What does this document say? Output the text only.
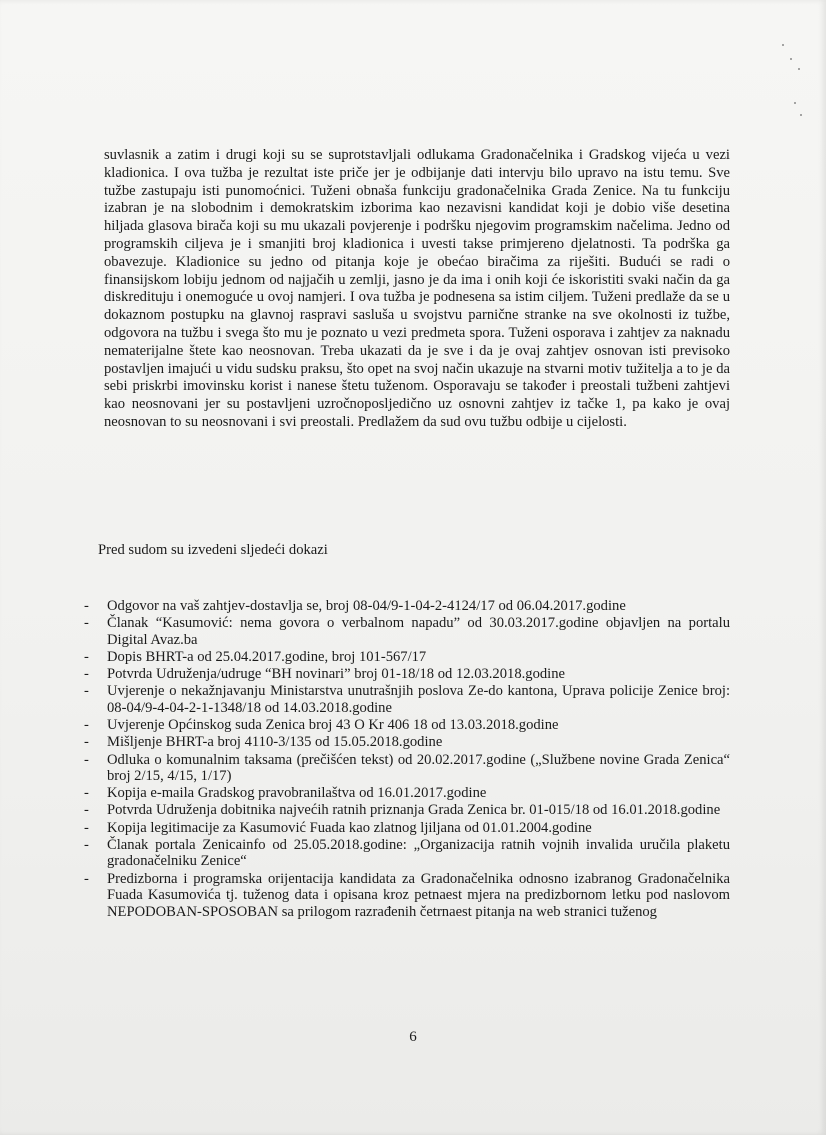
suvlasnik a zatim i drugi koji su se suprotstavljali odlukama Gradonačelnika i Gradskog vijeća u vezi kladionica. I ova tužba je rezultat iste priče jer je odbijanje dati intervju bilo upravo na istu temu. Sve tužbe zastupaju isti punomoćnici. Tuženi obnaša funkciju gradonačelnika Grada Zenice. Na tu funkciju izabran je na slobodnim i demokratskim izborima kao nezavisni kandidat koji je dobio više desetina hiljada glasova birača koji su mu ukazali povjerenje i podršku njegovim programskim načelima. Jedno od programskih ciljeva je i smanjiti broj kladionica i uvesti takse primjereno djelatnosti. Ta podrška ga obavezuje. Kladionice su jedno od pitanja koje je obećao biračima za riješiti. Budući se radi o finansijskom lobiju jednom od najjačih u zemlji, jasno je da ima i onih koji će iskoristiti svaki način da ga diskredituju i onemoguće u ovoj namjeri. I ova tužba je podnesena sa istim ciljem. Tuženi predlaže da se u dokaznom postupku na glavnoj raspravi sasluša u svojstvu parnične stranke na sve okolnosti iz tužbe, odgovora na tužbu i svega što mu je poznato u vezi predmeta spora. Tuženi osporava i zahtjev za naknadu nematerijalne štete kao neosnovan. Treba ukazati da je sve i da je ovaj zahtjev osnovan isti previsoko postavljen imajući u vidu sudsku praksu, što opet na svoj način ukazuje na stvarni motiv tužitelja a to je da sebi priskrbi imovinsku korist i nanese štetu tuženom. Osporavaju se također i preostali tužbeni zahtjevi kao neosnovani jer su postavljeni uzročnoposljedično uz osnovni zahtjev iz tačke 1, pa kako je ovaj neosnovan to su neosnovani i svi preostali. Predlažem da sud ovu tužbu odbije u cijelosti.
Pred sudom su izvedeni sljedeći dokazi
- Odgovor na vaš zahtjev-dostavlja se, broj 08-04/9-1-04-2-4124/17 od 06.04.2017.godine
- Članak “Kasumović: nema govora o verbalnom napadu” od 30.03.2017.godine objavljen na portalu Digital Avaz.ba
- Dopis BHRT-a od 25.04.2017.godine, broj 101-567/17
- Potvrda Udruženja/udruge “BH novinari” broj 01-18/18 od 12.03.2018.godine
- Uvjerenje o nekažnjavanju Ministarstva unutrašnjih poslova Ze-do kantona, Uprava policije Zenice broj: 08-04/9-4-04-2-1-1348/18 od 14.03.2018.godine
- Uvjerenje Općinskog suda Zenica broj 43 O Kr 406 18 od 13.03.2018.godine
- Mišljenje BHRT-a broj 4110-3/135 od 15.05.2018.godine
- Odluka o komunalnim taksama (prečišćen tekst) od 20.02.2017.godine („Službene novine Grada Zenica“ broj 2/15, 4/15, 1/17)
- Kopija e-maila Gradskog pravobranilaštva od 16.01.2017.godine
- Potvrda Udruženja dobitnika najvećih ratnih priznanja Grada Zenica br. 01-015/18 od 16.01.2018.godine
- Kopija legitimacije za Kasumović Fuada kao zlatnog ljiljana od 01.01.2004.godine
- Članak portala Zenicainfo od 25.05.2018.godine: „Organizacija ratnih vojnih invalida uručila plaketu gradonačelniku Zenice“
- Predizborna i programska orijentacija kandidata za Gradonačelnika odnosno izabranog Gradonačelnika Fuada Kasumovića tj. tuženog data i opisana kroz petnaest mjera na predizbornom letku pod naslovom NEPODOBAN-SPOSOBAN sa prilogom razrađenih četrnaest pitanja na web stranici tuženog
6
